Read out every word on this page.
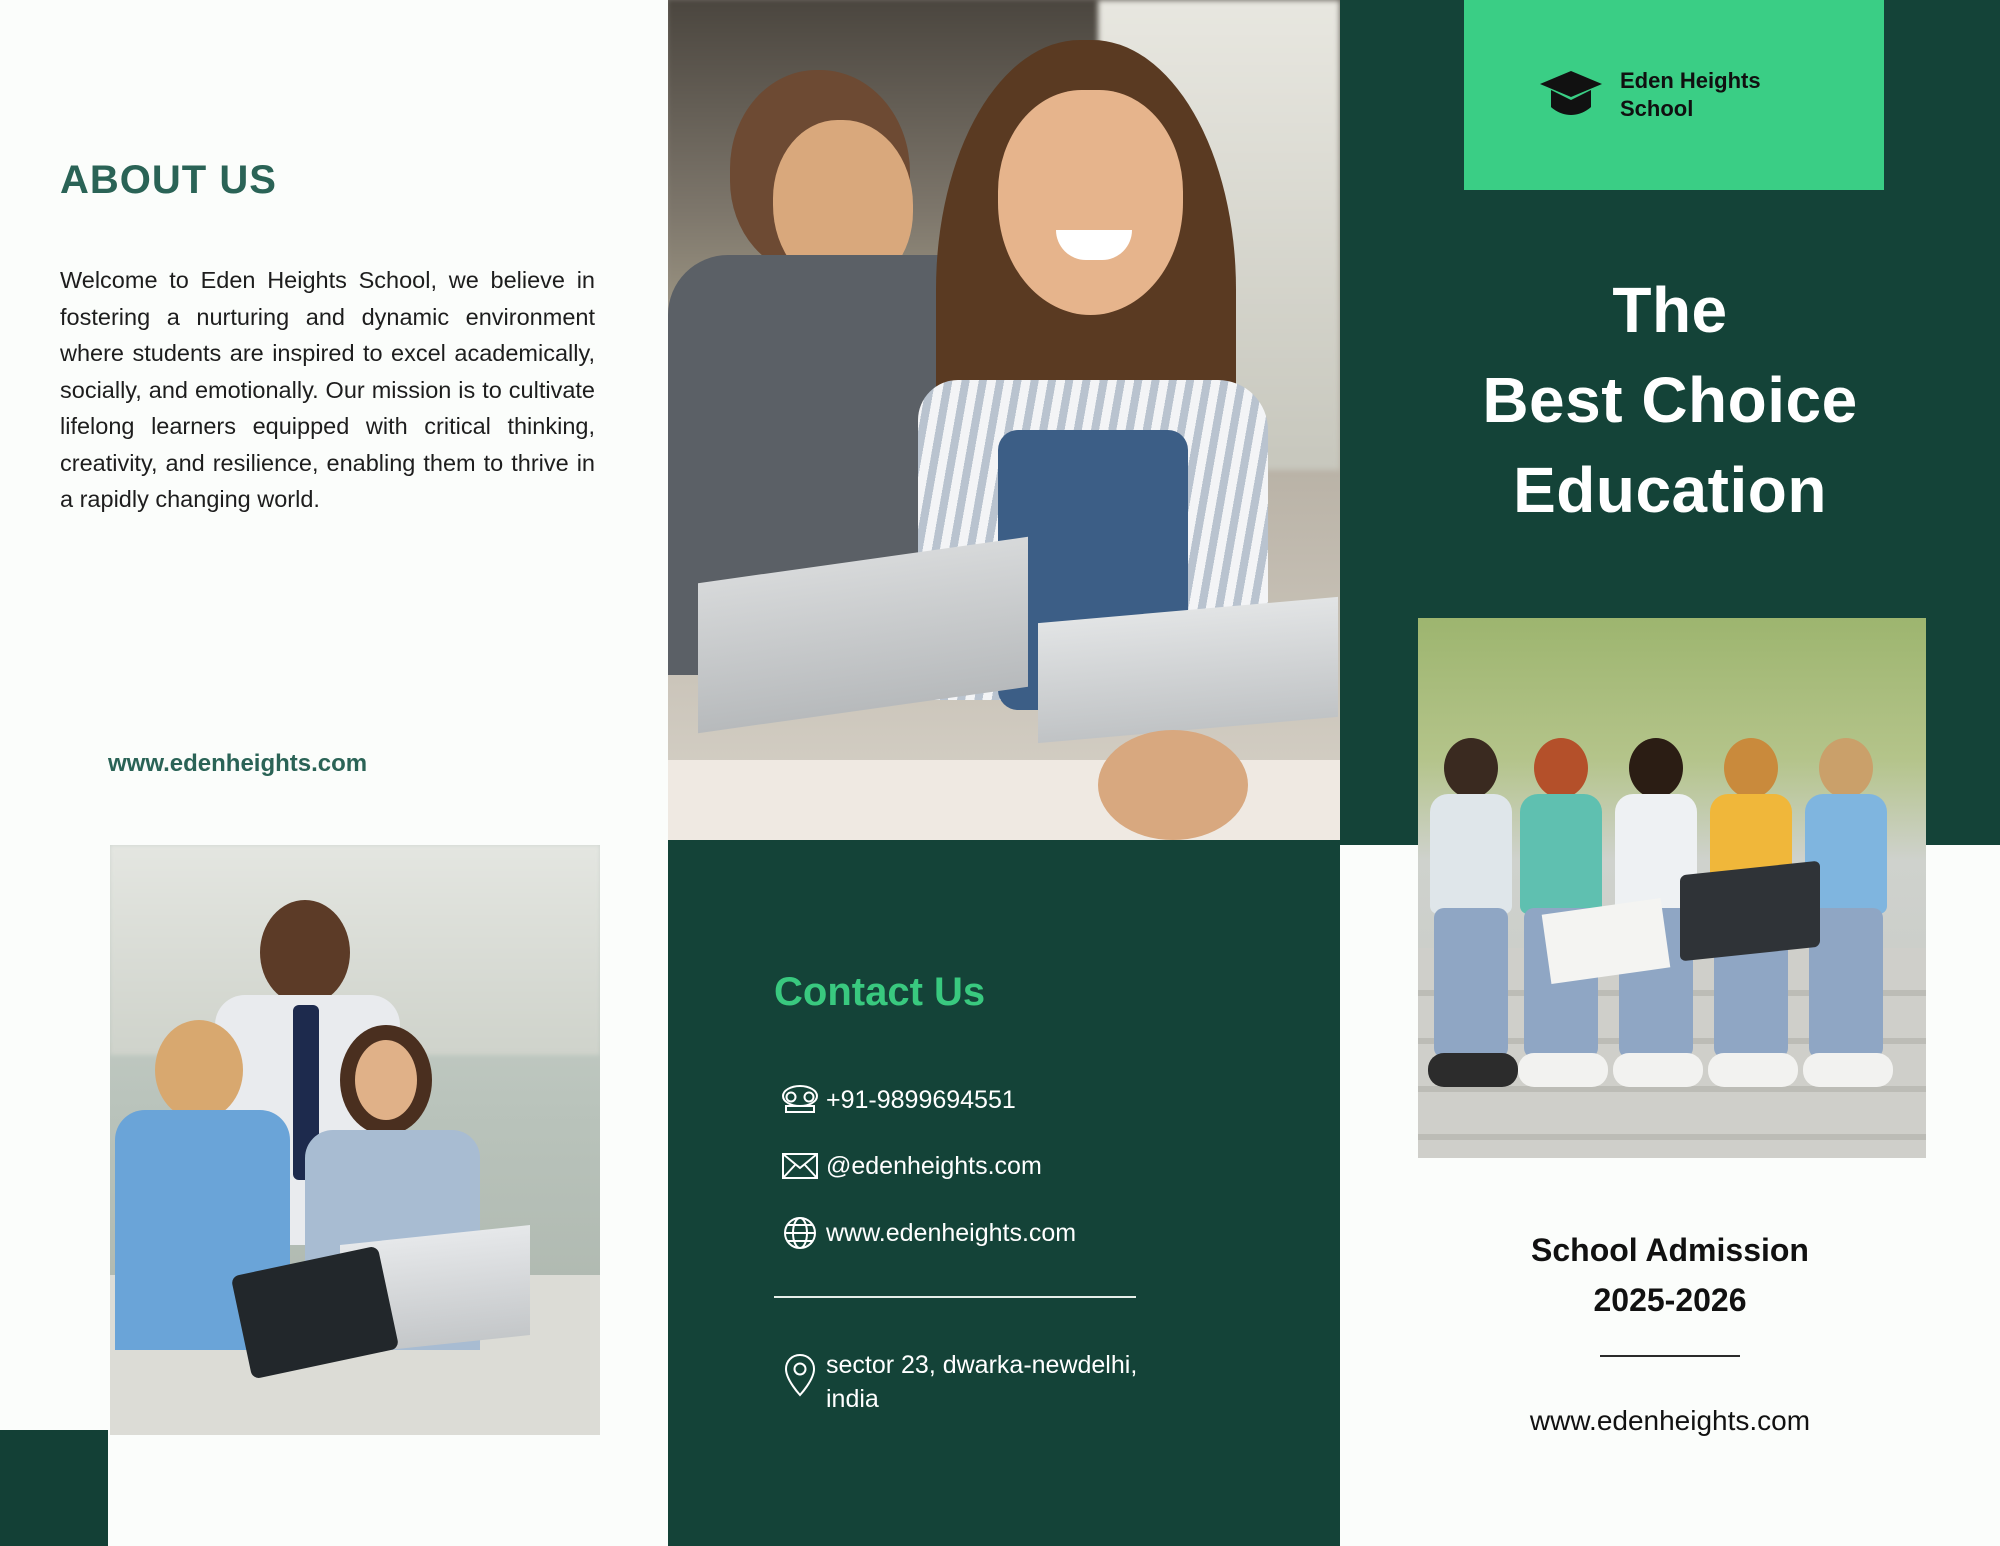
ABOUT US
Welcome to Eden Heights School, we believe in fostering a nurturing and dynamic environment where students are inspired to excel academically, socially, and emotionally. Our mission is to cultivate lifelong learners equipped with critical thinking, creativity, and resilience, enabling them to thrive in a rapidly changing world.
www.edenheights.com
Contact Us
+91-9899694551
@edenheights.com
www.edenheights.com
sector 23, dwarka-newdelhi, india
Eden Heights
School
The
Best Choice
Education
School Admission
2025-2026
www.edenheights.com
